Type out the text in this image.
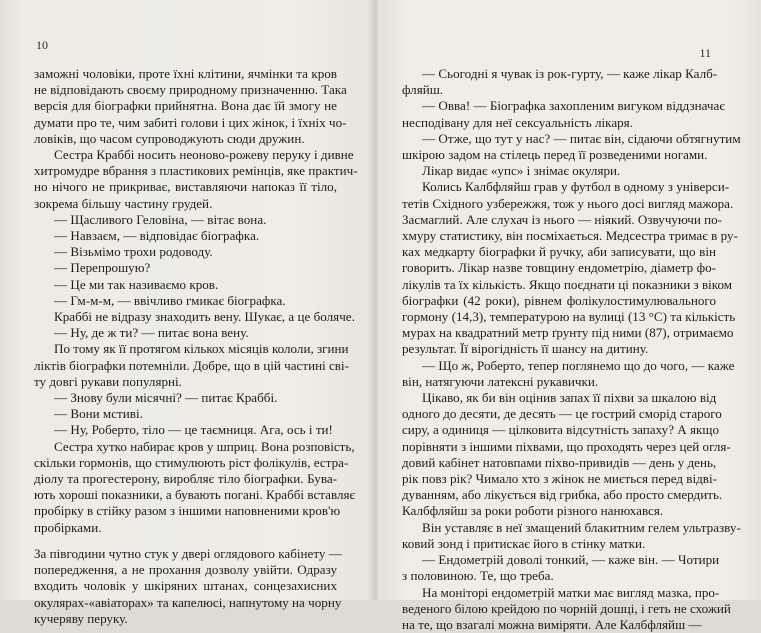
10
заможні чоловіки, проте їхні клітини, ячмінки та кров
не відповідають своєму природному призначенню. Така
версія для біографки прийнятна. Вона дає їй змогу не
думати про те, чим забиті голови і цих жінок, і їхніх чо-
ловіків, що часом супроводжують сюди дружин.
Сестра Краббі носить неоново-рожеву перуку і дивне
хитромудре вбрання з пластикових ремінців, яке практич-
но нічого не прикриває, виставляючи напоказ її тіло,
зокрема більшу частину грудей.
— Щасливого Геловіна, — вітає вона.
— Навзаєм, — відповідає біографка.
— Візьмімо трохи родоводу.
— Перепрошую?
— Це ми так називаємо кров.
— Гм-м-м, — ввічливо гмикає біографка.
Краббі не відразу знаходить вену. Шукає, а це боляче.
— Ну, де ж ти? — питає вона вену.
По тому як її протягом кількох місяців кололи, згини
ліктів біографки потемніли. Добре, що в цій частині сві-
ту довгі рукави популярні.
— Знову були місячні? — питає Краббі.
— Вони мстиві.
— Ну, Роберто, тіло — це таємниця. Ага, ось і ти!
Сестра хутко набирає кров у шприц. Вона розповість,
скільки гормонів, що стимулюють ріст фолікулів, естра-
діолу та прогестерону, виробляє тіло біографки. Бува-
ють хороші показники, а бувають погані. Краббі вставляє
пробірку в стійку разом з іншими наповненими кров'ю
пробірками.
За півгодини чутно стук у двері оглядового кабінету —
попередження, а не прохання дозволу увійти. Одразу
входить чоловік у шкіряних штанах, сонцезахисних
окулярах-«авіаторах» та капелюсі, напнутому на чорну
кучеряву перуку.
11
— Сьогодні я чувак із рок-гурту, — каже лікар Калб-
фляйш.
— Овва! — Біографка захопленим вигуком віддзначає
несподівану для неї сексуальність лікаря.
— Отже, що тут у нас? — питає він, сідаючи обтягнутим
шкірою задом на стілець перед її розведеними ногами.
Лікар видає «упс» і знімає окуляри.
Колись Калбфляйш грав у футбол в одному з універси-
тетів Східного узбережжя, тож у нього досі вигляд мажора.
Засмаглий. Але слухач із нього — ніякий. Озвучуючи по-
хмуру статистику, він посміхається. Медсестра тримає в ру-
ках медкарту біографки й ручку, аби записувати, що він
говорить. Лікар назве товщину ендометрію, діаметр фо-
лікулів та їх кількість. Якщо поєднати ці показники з віком
біографки (42 роки), рівнем фолікулостимулювального
гормону (14,3), температурою на вулиці (13 °C) та кількість
мурах на квадратний метр ґрунту під ними (87), отримаємо
результат. Її вірогідність її шансу на дитину.
— Що ж, Роберто, тепер поглянемо що до чого, — каже
він, натягуючи латексні рукавички.
Цікаво, як би він оцінив запах її піхви за шкалою від
одного до десяти, де десять — це гострий сморід старого
сиру, а одиниця — цілковита відсутність запаху? А якщо
порівняти з іншими піхвами, що проходять через цей огля-
довий кабінет натовпами піхво-привидів — день у день,
рік повз рік? Чимало хто з жінок не миється перед відві-
дуванням, або лікується від грибка, або просто смердить.
Калбфляйш за роки роботи різного нанюхався.
Він уставляє в неї змащений блакитним гелем ультразву-
ковий зонд і притискає його в стінку матки.
— Ендометрій доволі тонкий, — каже він. — Чотири
з половиною. Те, що треба.
На моніторі ендометрій матки має вигляд мазка, про-
веденого білою крейдою по чорній дошці, і геть не схожий
на те, що взагалі можна виміряти. Але Калбфляйш —
